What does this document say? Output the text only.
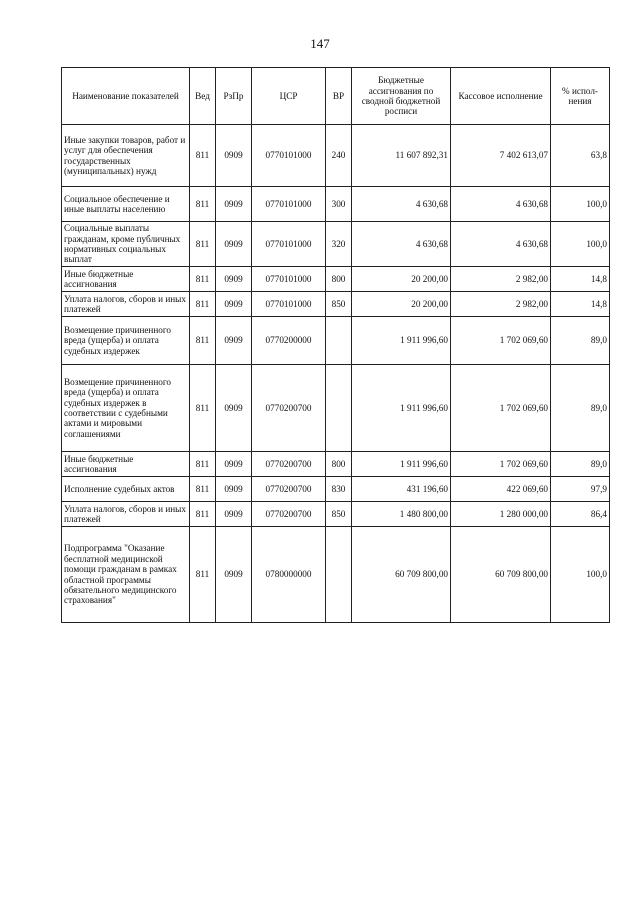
147
Наименование показателей	Вед	РзПр	ЦСР	ВР	Бюджетные ассигнования по сводной бюджетной росписи	Кассовое исполнение	% испол-нения
Иные закупки товаров, работ и услуг для обеспечения государственных (муниципальных) нужд	811	0909	0770101000	240	11 607 892,31	7 402 613,07	63,8
Социальное обеспечение и иные выплаты населению	811	0909	0770101000	300	4 630,68	4 630,68	100,0
Социальные выплаты гражданам, кроме публичных нормативных социальных выплат	811	0909	0770101000	320	4 630,68	4 630,68	100,0
Иные бюджетные ассигнования	811	0909	0770101000	800	20 200,00	2 982,00	14,8
Уплата налогов, сборов и иных платежей	811	0909	0770101000	850	20 200,00	2 982,00	14,8
Возмещение причиненного вреда (ущерба) и оплата судебных издержек	811	0909	0770200000		1 911 996,60	1 702 069,60	89,0
Возмещение причиненного вреда (ущерба) и оплата судебных издержек в соответствии с судебными актами и мировыми соглашениями	811	0909	0770200700		1 911 996,60	1 702 069,60	89,0
Иные бюджетные ассигнования	811	0909	0770200700	800	1 911 996,60	1 702 069,60	89,0
Исполнение судебных актов	811	0909	0770200700	830	431 196,60	422 069,60	97,9
Уплата налогов, сборов и иных платежей	811	0909	0770200700	850	1 480 800,00	1 280 000,00	86,4
Подпрограмма "Оказание бесплатной медицинской помощи гражданам в рамках областной программы обязательного медицинского страхования"	811	0909	0780000000		60 709 800,00	60 709 800,00	100,0
